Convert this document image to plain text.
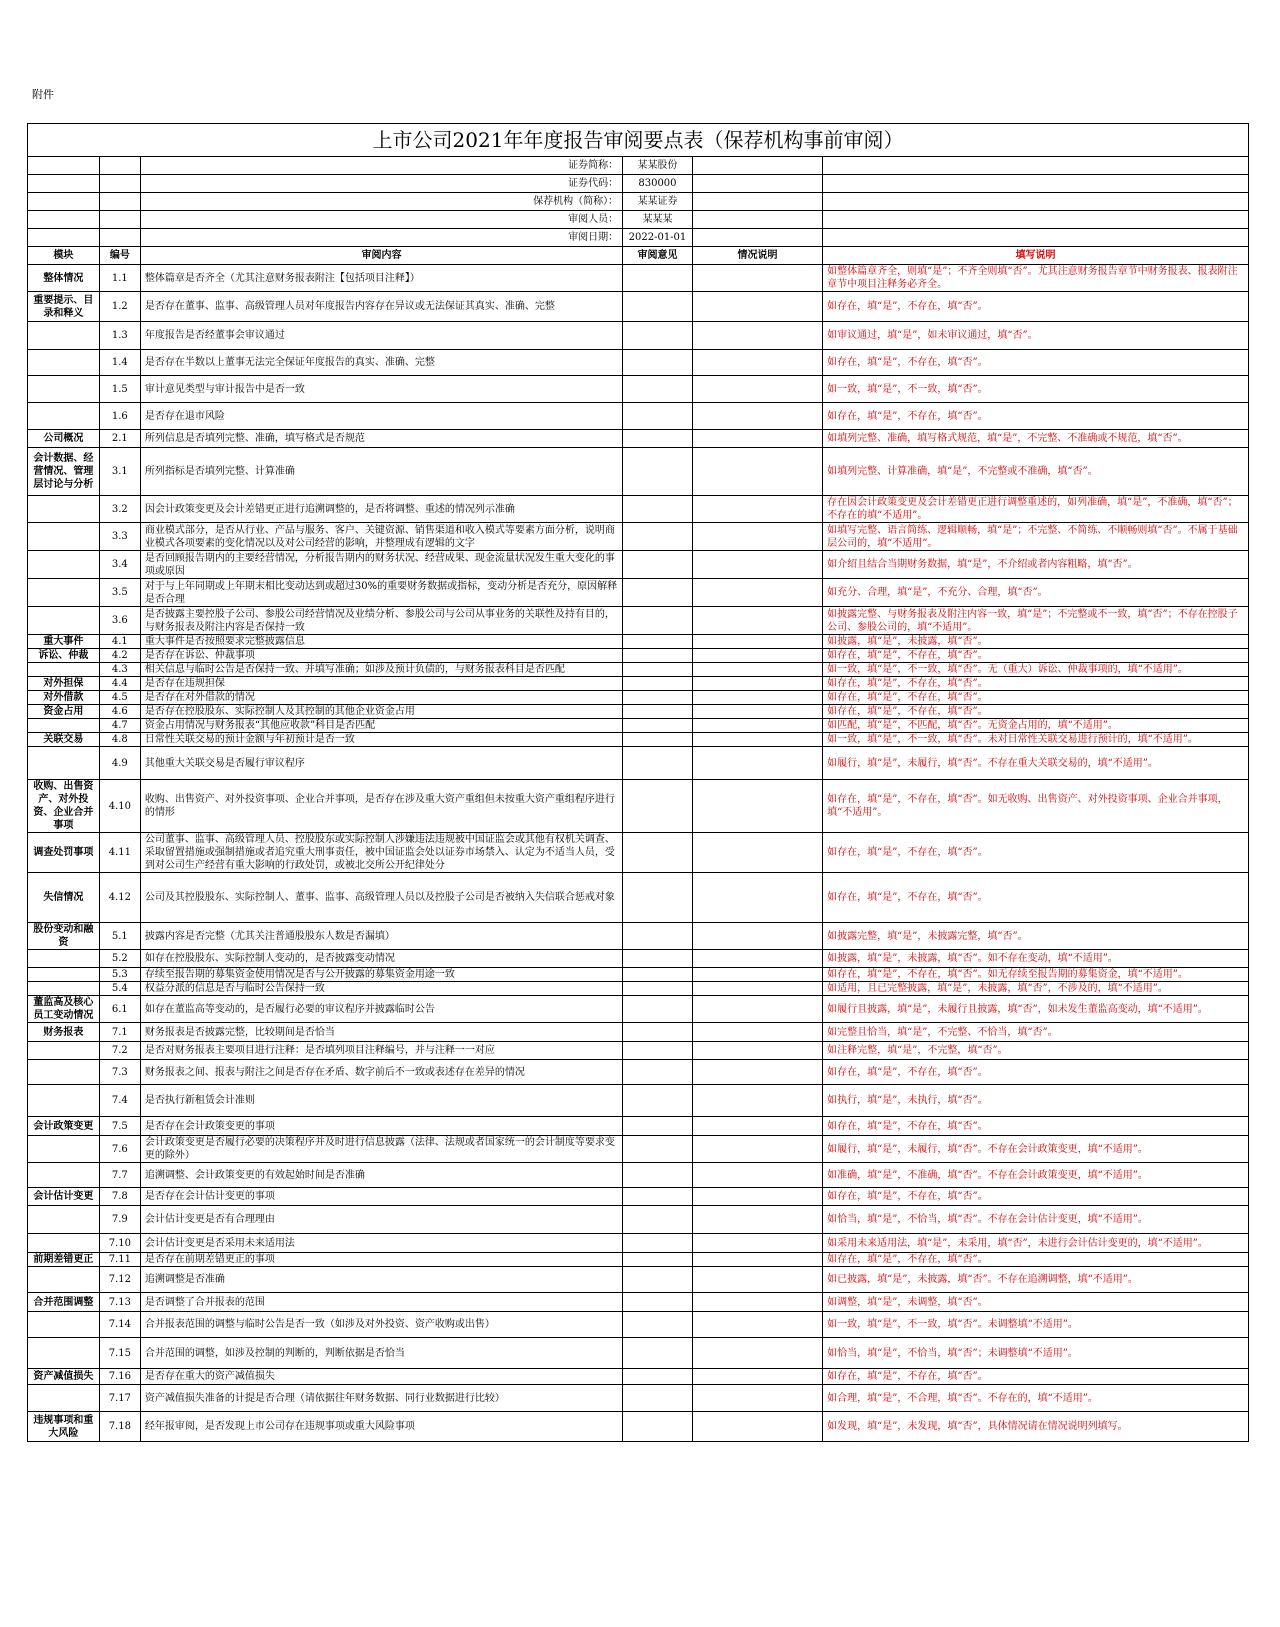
附件
上市公司2021年年度报告审阅要点表（保荐机构事前审阅）					
		证券简称：	某某股份		
		证券代码：	830000		
		保荐机构（简称）：	某某证券		
		审阅人员：	某某某		
		审阅日期：	2022-01-01		
模块	编号	审阅内容	审阅意见	情况说明	填写说明
整体情况	1.1	整体篇章是否齐全（尤其注意财务报表附注【包括项目注释】）			如整体篇章齐全，则填“是”；不齐全则填“否”。尤其注意财务报告章节中财务报表、报表附注章节中项目注释务必齐全。
重要提示、目录和释义	1.2	是否存在董事、监事、高级管理人员对年度报告内容存在异议或无法保证其真实、准确、完整			如存在，填“是”，不存在，填“否”。
	1.3	年度报告是否经董事会审议通过			如审议通过，填“是”，如未审议通过，填“否”。
	1.4	是否存在半数以上董事无法完全保证年度报告的真实、准确、完整			如存在，填“是”，不存在，填“否”。
	1.5	审计意见类型与审计报告中是否一致			如一致，填“是”，不一致，填“否”。
	1.6	是否存在退市风险			如存在，填“是”，不存在，填“否”。
公司概况	2.1	所列信息是否填列完整、准确，填写格式是否规范			如填列完整、准确，填写格式规范，填“是”，不完整、不准确或不规范，填“否”。
会计数据、经营情况、管理层讨论与分析	3.1	所列指标是否填列完整、计算准确			如填列完整、计算准确，填“是”，不完整或不准确，填“否”。
	3.2	因会计政策变更及会计差错更正进行追溯调整的，是否将调整、重述的情况列示准确			存在因会计政策变更及会计差错更正进行调整重述的，如列准确，填“是”，不准确，填“否”；不存在的填“不适用”。
	3.3	商业模式部分，是否从行业、产品与服务、客户、关键资源、销售渠道和收入模式等要素方面分析，说明商业模式各项要素的变化情况以及对公司经营的影响，并整理成有逻辑的文字			如填写完整、语言简练、逻辑顺畅，填“是”；不完整、不简练、不顺畅则填“否”。不属于基础层公司的，填“不适用”。
	3.4	是否回顾报告期内的主要经营情况，分析报告期内的财务状况、经营成果、现金流量状况发生重大变化的事项或原因			如介绍且结合当期财务数据，填“是”，不介绍或者内容粗略，填“否”。
	3.5	对于与上年同期或上年期末相比变动达到或超过30%的重要财务数据或指标，变动分析是否充分，原因解释是否合理			如充分、合理，填“是”，不充分、合理，填“否”。
	3.6	是否披露主要控股子公司、参股公司经营情况及业绩分析、参股公司与公司从事业务的关联性及持有目的，与财务报表及附注内容是否保持一致			如披露完整、与财务报表及附注内容一致，填“是”；不完整或不一致，填“否”；不存在控股子公司、参股公司的，填“不适用”。
重大事件	4.1	重大事件是否按照要求完整披露信息			如披露，填“是”，未披露，填“否”。
诉讼、仲裁	4.2	是否存在诉讼、仲裁事项			如存在，填“是”，不存在，填“否”。
	4.3	相关信息与临时公告是否保持一致、并填写准确；如涉及预计负债的，与财务报表科目是否匹配			如一致，填“是”，不一致，填“否”。无（重大）诉讼、仲裁事项的，填“不适用”。
对外担保	4.4	是否存在违规担保			如存在，填“是”，不存在，填“否”。
对外借款	4.5	是否存在对外借款的情况			如存在，填“是”，不存在，填“否”。
资金占用	4.6	是否存在控股股东、实际控制人及其控制的其他企业资金占用			如存在，填“是”，不存在，填“否”。
	4.7	资金占用情况与财务报表“其他应收款”科目是否匹配			如匹配，填“是”，不匹配，填“否”。无资金占用的，填“不适用”。
关联交易	4.8	日常性关联交易的预计金额与年初预计是否一致			如一致，填“是”，不一致，填“否”。未对日常性关联交易进行预计的，填“不适用”。
	4.9	其他重大关联交易是否履行审议程序			如履行，填“是”，未履行，填“否”。不存在重大关联交易的，填“不适用”。
收购、出售资产、对外投资、企业合并事项	4.10	收购、出售资产、对外投资事项、企业合并事项，是否存在涉及重大资产重组但未按重大资产重组程序进行的情形			如存在，填“是”，不存在，填“否”。如无收购、出售资产、对外投资事项、企业合并事项，填“不适用”。
调查处罚事项	4.11	公司董事、监事、高级管理人员、控股股东或实际控制人涉嫌违法违规被中国证监会或其他有权机关调查、采取留置措施或强制措施或者追究重大刑事责任，被中国证监会处以证券市场禁入、认定为不适当人员，受到对公司生产经营有重大影响的行政处罚，或被北交所公开纪律处分			如存在，填“是”，不存在，填“否”。
失信情况	4.12	公司及其控股股东、实际控制人、董事、监事、高级管理人员以及控股子公司是否被纳入失信联合惩戒对象			如存在，填“是”，不存在，填“否”。
股份变动和融资	5.1	披露内容是否完整（尤其关注普通股股东人数是否漏填）			如披露完整，填“是”，未披露完整，填“否”。
	5.2	如存在控股股东、实际控制人变动的，是否披露变动情况			如披露，填“是”，未披露，填“否”。如不存在变动，填“不适用”。
	5.3	存续至报告期的募集资金使用情况是否与公开披露的募集资金用途一致			如存在，填“是”，不存在，填“否”。如无存续至报告期的募集资金，填“不适用”。
	5.4	权益分派的信息是否与临时公告保持一致			如适用，且已完整披露，填“是”，未披露，填“否”，不涉及的，填“不适用”。
董监高及核心员工变动情况	6.1	如存在董监高等变动的，是否履行必要的审议程序并披露临时公告			如履行且披露，填“是”，未履行且披露，填“否”，如未发生董监高变动，填“不适用”。
财务报表	7.1	财务报表是否披露完整，比较期间是否恰当			如完整且恰当，填“是”，不完整、不恰当，填“否”。
	7.2	是否对财务报表主要项目进行注释：是否填列项目注释编号，并与注释一一对应			如注释完整，填“是”，不完整，填“否”。
	7.3	财务报表之间、报表与附注之间是否存在矛盾、数字前后不一致或表述存在差异的情况			如存在，填“是”，不存在，填“否”。
	7.4	是否执行新租赁会计准则			如执行，填“是”，未执行，填“否”。
会计政策变更	7.5	是否存在会计政策变更的事项			如存在，填“是”，不存在，填“否”。
	7.6	会计政策变更是否履行必要的决策程序并及时进行信息披露（法律、法规或者国家统一的会计制度等要求变更的除外）			如履行，填“是”，未履行，填“否”。不存在会计政策变更，填“不适用”。
	7.7	追溯调整、会计政策变更的有效起始时间是否准确			如准确，填“是”，不准确，填“否”。不存在会计政策变更，填“不适用”。
会计估计变更	7.8	是否存在会计估计变更的事项			如存在，填“是”，不存在，填“否”。
	7.9	会计估计变更是否有合理理由			如恰当，填“是”，不恰当，填“否”。不存在会计估计变更，填“不适用”。
	7.10	会计估计变更是否采用未来适用法			如采用未来适用法，填“是”，未采用，填“否”，未进行会计估计变更的，填“不适用”。
前期差错更正	7.11	是否存在前期差错更正的事项			如存在，填“是”，不存在，填“否”。
	7.12	追溯调整是否准确			如已披露，填“是”，未披露，填“否”。不存在追溯调整，填“不适用”。
合并范围调整	7.13	是否调整了合并报表的范围			如调整，填“是”，未调整，填“否”。
	7.14	合并报表范围的调整与临时公告是否一致（如涉及对外投资、资产收购或出售）			如一致，填“是”，不一致，填“否”。未调整填“不适用”。
	7.15	合并范围的调整，如涉及控制的判断的，判断依据是否恰当			如恰当，填“是”，不恰当，填“否”；未调整填“不适用”。
资产减值损失	7.16	是否存在重大的资产减值损失			如存在，填“是”，不存在，填“否”。
	7.17	资产减值损失准备的计提是否合理（请依据往年财务数据、同行业数据进行比较）			如合理，填“是”，不合理，填“否”。不存在的，填“不适用”。
违规事项和重大风险	7.18	经年报审阅，是否发现上市公司存在违规事项或重大风险事项			如发现，填“是”，未发现，填“否”，具体情况请在情况说明列填写。
